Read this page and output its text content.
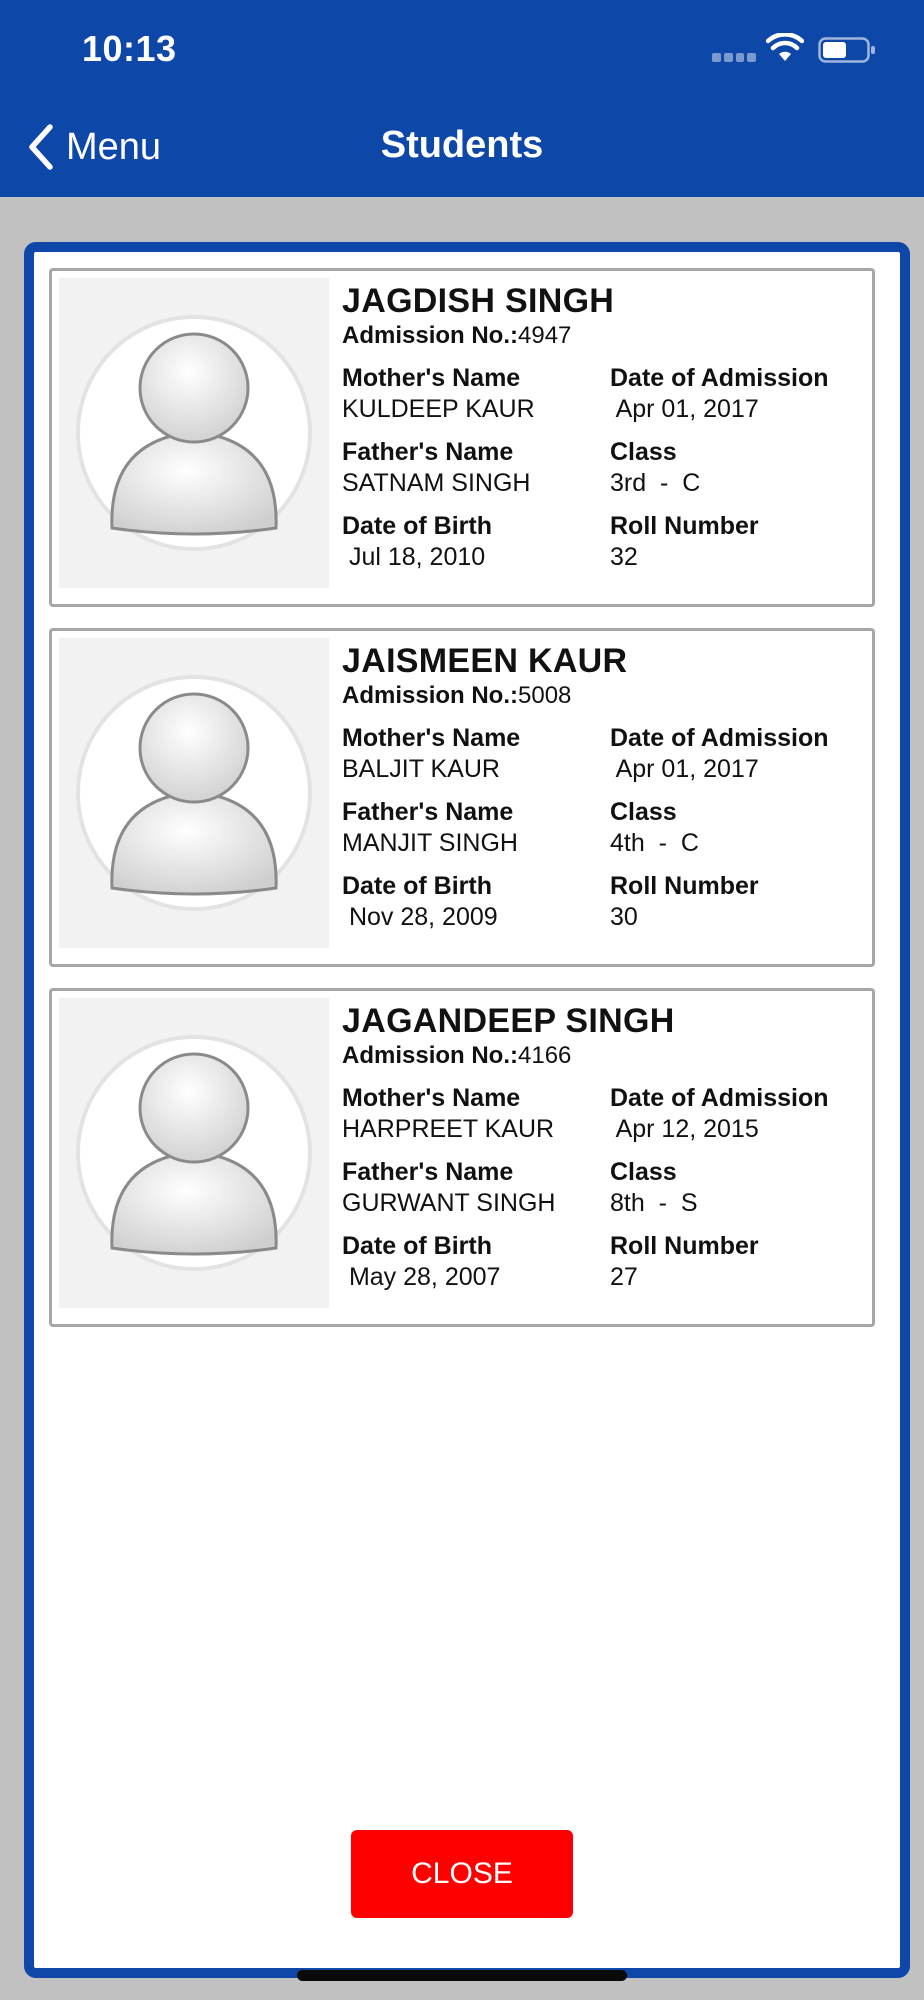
10:13
Menu	Students
JAGDISH SINGH
Admission No.:4947
Mother's Name
KULDEEP KAUR
Date of Admission
Apr 01, 2017
Father's Name
SATNAM SINGH
Class
3rd  -  C
Date of Birth
Jul 18, 2010
Roll Number
32
JAISMEEN KAUR
Admission No.:5008
Mother's Name
BALJIT KAUR
Date of Admission
Apr 01, 2017
Father's Name
MANJIT SINGH
Class
4th  -  C
Date of Birth
Nov 28, 2009
Roll Number
30
JAGANDEEP SINGH
Admission No.:4166
Mother's Name
HARPREET KAUR
Date of Admission
Apr 12, 2015
Father's Name
GURWANT SINGH
Class
8th  -  S
Date of Birth
May 28, 2007
Roll Number
27
CLOSE
